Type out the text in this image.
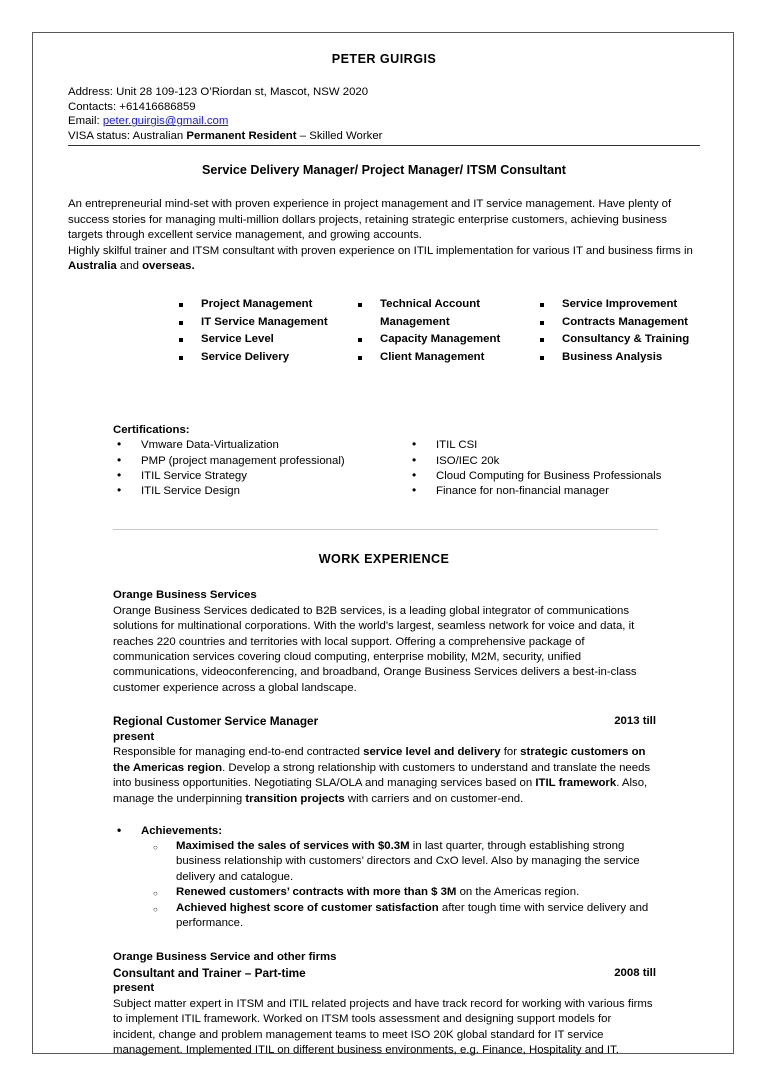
PETER GUIRGIS
Address: Unit 28 109-123 O’Riordan st, Mascot, NSW 2020
Contacts: +61416686859
Email: peter.guirgis@gmail.com
VISA status: Australian Permanent Resident – Skilled Worker
Service Delivery Manager/ Project Manager/ ITSM Consultant

An entrepreneurial mind-set with proven experience in project management and IT service management. Have plenty of success stories for managing multi-million dollars projects, retaining strategic enterprise customers, achieving business targets through excellent service management, and growing accounts.

Highly skilful trainer and ITSM consultant with proven experience on ITIL implementation for various IT and business firms in Australia and overseas.

Project Management
IT Service Management
Service Level
Service Delivery
Technical Account Management
Capacity Management
Client Management
Service Improvement
Contracts Management
Consultancy & Training
Business Analysis
Certifications:
• Vmware Data-Virtualization
• PMP (project management professional)
• ITIL Service Strategy
• ITIL Service Design
• ITIL CSI
• ISO/IEC 20k
• Cloud Computing for Business Professionals
• Finance for non-financial manager
WORK EXPERIENCE
Orange Business Services
Orange Business Services dedicated to B2B services, is a leading global integrator of communications solutions for multinational corporations. With the world's largest, seamless network for voice and data, it reaches 220 countries and territories with local support. Offering a comprehensive package of communication services covering cloud computing, enterprise mobility, M2M, security, unified communications, videoconferencing, and broadband, Orange Business Services delivers a best-in-class customer experience across a global landscape.
Regional Customer Service Manager	2013 till
present
Responsible for managing end-to-end contracted service level and delivery for strategic customers on the Americas region. Develop a strong relationship with customers to understand and translate the needs into business opportunities. Negotiating SLA/OLA and managing services based on ITIL framework. Also, manage the underpinning transition projects with carriers and on customer-end.
• Achievements:
○ Maximised the sales of services with $0.3M in last quarter, through establishing strong business relationship with customers’ directors and CxO level. Also by managing the service delivery and catalogue.
○ Renewed customers’ contracts with more than $ 3M on the Americas region.
○ Achieved highest score of customer satisfaction after tough time with service delivery and performance.
Orange Business Service and other firms
Consultant and Trainer – Part-time	2008 till
present
Subject matter expert in ITSM and ITIL related projects and have track record for working with various firms to implement ITIL framework. Worked on ITSM tools assessment and designing support models for incident, change and problem management teams to meet ISO 20K global standard for IT service management. Implemented ITIL on different business environments, e.g. Finance, Hospitality and IT.
